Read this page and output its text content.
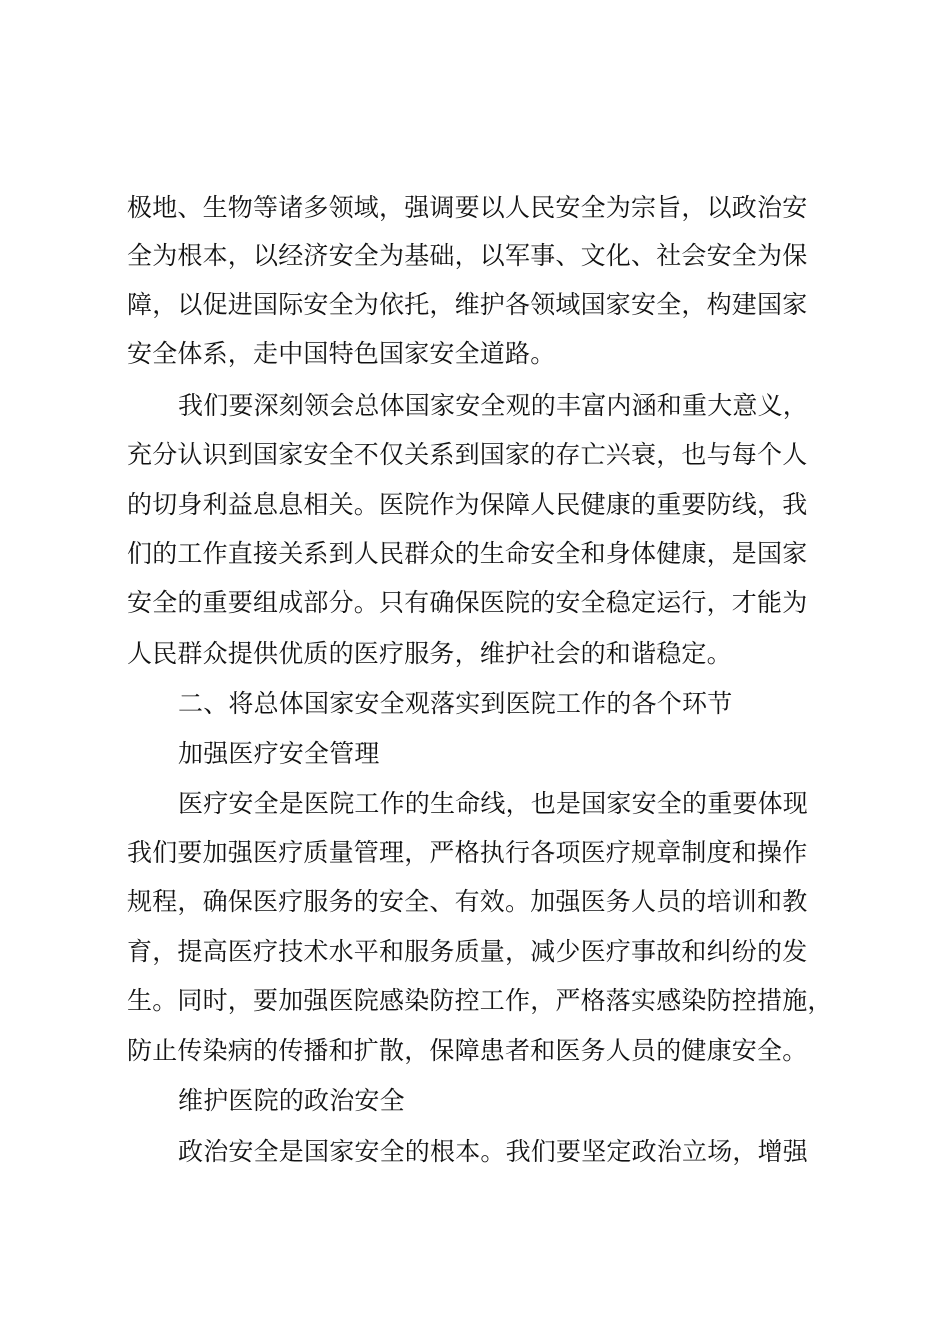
极地、生物等诸多领域，强调要以人民安全为宗旨，以政治安
全为根本，以经济安全为基础，以军事、文化、社会安全为保
障，以促进国际安全为依托，维护各领域国家安全，构建国家
安全体系，走中国特色国家安全道路。
我们要深刻领会总体国家安全观的丰富内涵和重大意义，
充分认识到国家安全不仅关系到国家的存亡兴衰，也与每个人
的切身利益息息相关。医院作为保障人民健康的重要防线，我
们的工作直接关系到人民群众的生命安全和身体健康，是国家
安全的重要组成部分。只有确保医院的安全稳定运行，才能为
人民群众提供优质的医疗服务，维护社会的和谐稳定。
二、将总体国家安全观落实到医院工作的各个环节
加强医疗安全管理
医疗安全是医院工作的生命线，也是国家安全的重要体现
我们要加强医疗质量管理，严格执行各项医疗规章制度和操作
规程，确保医疗服务的安全、有效。加强医务人员的培训和教
育，提高医疗技术水平和服务质量，减少医疗事故和纠纷的发
生。同时，要加强医院感染防控工作，严格落实感染防控措施，
防止传染病的传播和扩散，保障患者和医务人员的健康安全。
维护医院的政治安全
政治安全是国家安全的根本。我们要坚定政治立场，增强
